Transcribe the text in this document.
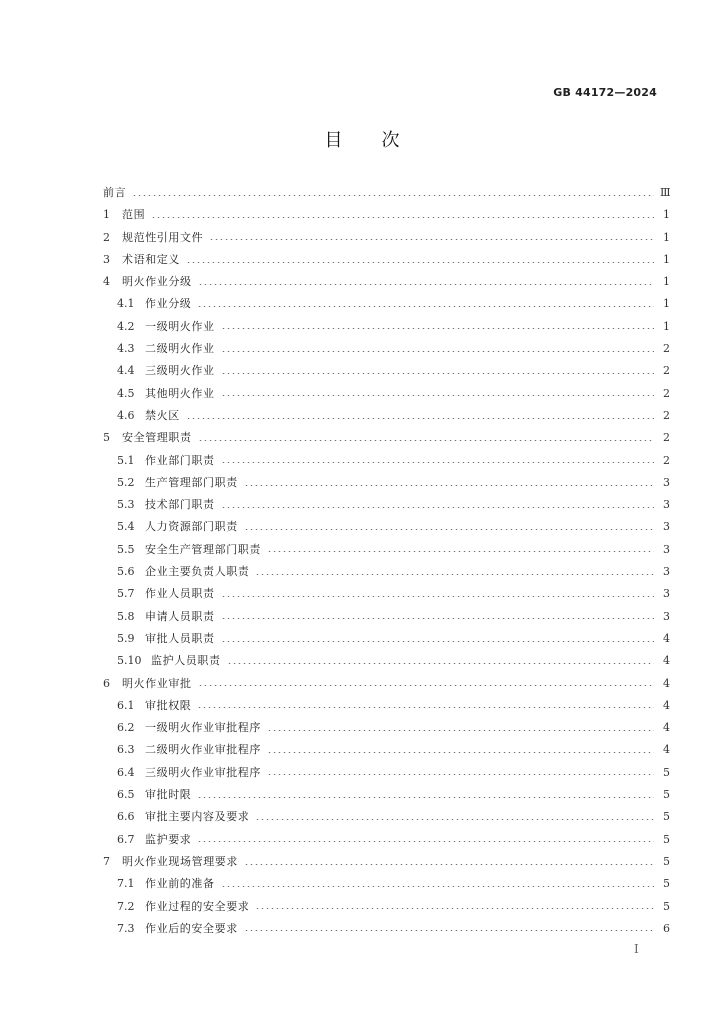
GB 44172—2024
目　　次
前言	Ⅲ
1	范围	1
2	规范性引用文件	1
3	术语和定义	1
4	明火作业分级	1
4.1 作业分级	1
4.2 一级明火作业	1
4.3 二级明火作业	2
4.4 三级明火作业	2
4.5 其他明火作业	2
4.6 禁火区	2
5	安全管理职责	2
5.1 作业部门职责	2
5.2 生产管理部门职责	3
5.3 技术部门职责	3
5.4 人力资源部门职责	3
5.5 安全生产管理部门职责	3
5.6 企业主要负责人职责	3
5.7 作业人员职责	3
5.8 申请人员职责	3
5.9 审批人员职责	4
5.10 监护人员职责	4
6	明火作业审批	4
6.1 审批权限	4
6.2 一级明火作业审批程序	4
6.3 二级明火作业审批程序	4
6.4 三级明火作业审批程序	5
6.5 审批时限	5
6.6 审批主要内容及要求	5
6.7 监护要求	5
7	明火作业现场管理要求	5
7.1 作业前的准备	5
7.2 作业过程的安全要求	5
7.3 作业后的安全要求	6
I
